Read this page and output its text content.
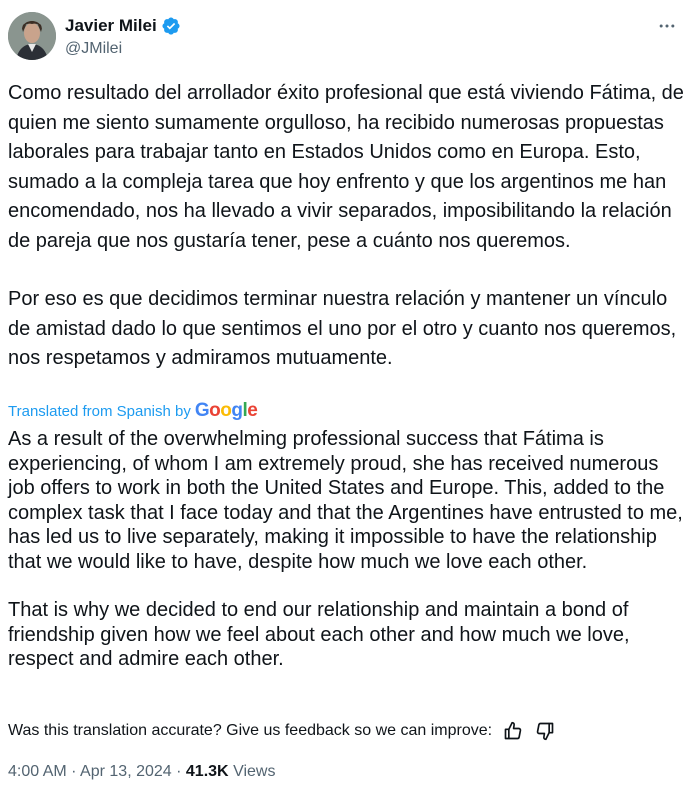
Javier Milei
@JMilei

Como resultado del arrollador éxito profesional que está viviendo Fátima, de quien me siento sumamente orgulloso, ha recibido numerosas propuestas laborales para trabajar tanto en Estados Unidos como en Europa. Esto, sumado a la compleja tarea que hoy enfrento y que los argentinos me han encomendado, nos ha llevado a vivir separados, imposibilitando la relación de pareja que nos gustaría tener, pese a cuánto nos queremos.

Por eso es que decidimos terminar nuestra relación y mantener un vínculo de amistad dado lo que sentimos el uno por el otro y cuanto nos queremos, nos respetamos y admiramos mutuamente.

Translated from Spanish by Google

As a result of the overwhelming professional success that Fátima is experiencing, of whom I am extremely proud, she has received numerous job offers to work in both the United States and Europe. This, added to the complex task that I face today and that the Argentines have entrusted to me, has led us to live separately, making it impossible to have the relationship that we would like to have, despite how much we love each other.

That is why we decided to end our relationship and maintain a bond of friendship given how we feel about each other and how much we love, respect and admire each other.

Was this translation accurate? Give us feedback so we can improve:
4:00 AM · Apr 13, 2024 · 41.3K Views
